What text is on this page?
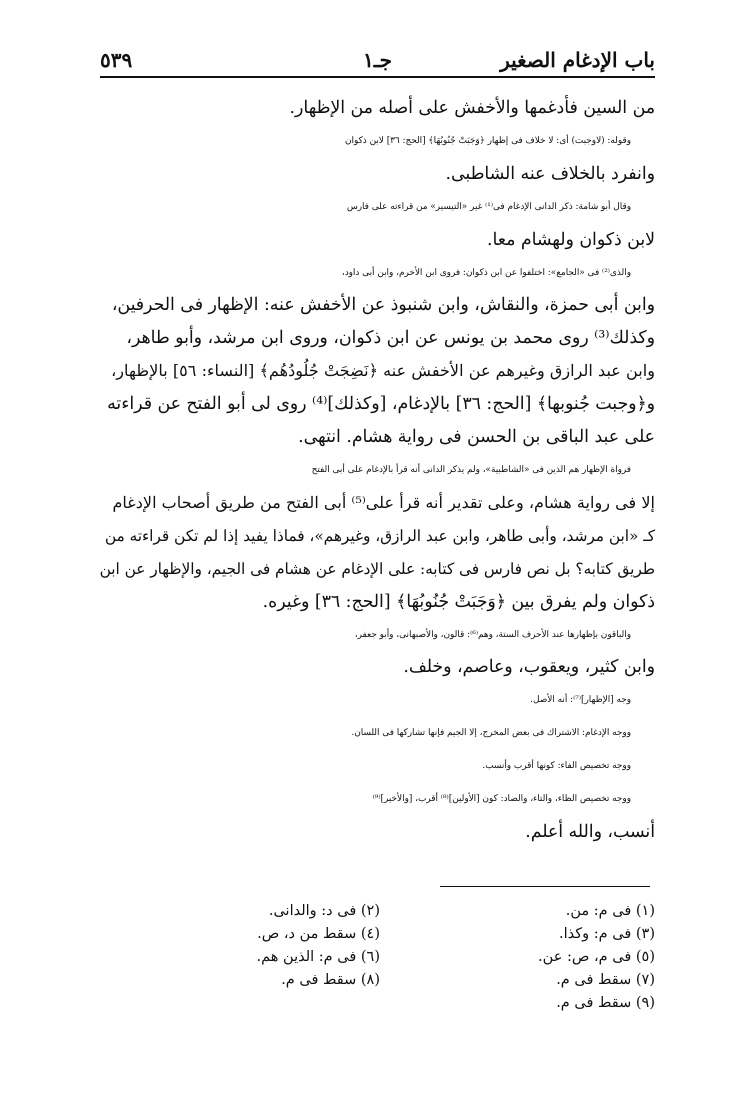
باب الإدغام الصغير
جـ١
٥٣٩
من السين فأدغمها والأخفش على أصله من الإظهار.
وقوله: (لاوجبت) أى: لا خلاف فى إظهار ﴿وَجَبَتْ جُنُوبُهَا﴾ [الحج: ٣٦] لابن ذكوان
وانفرد بالخلاف عنه الشاطبى.
وقال أبو شامة: ذكر الدانى الإدغام فى⁽¹⁾ غير «التيسير» من قراءته على فارس
لابن ذكوان ولهشام معا.
والذى⁽²⁾ فى «الجامع»: اختلفوا عن ابن ذكوان: فروى ابن الأخرم، وابن أبى داود،
وابن أبى حمزة، والنقاش، وابن شنبوذ عن الأخفش عنه: الإظهار فى الحرفين،
وكذلك⁽³⁾ روى محمد بن يونس عن ابن ذكوان، وروى ابن مرشد، وأبو طاهر،
وابن عبد الرازق وغيرهم عن الأخفش عنه ﴿نَضِجَتْ جُلُودُهُم﴾ [النساء: ٥٦] بالإظهار،
و﴿وجبت جُنوبها﴾ [الحج: ٣٦] بالإدغام، [وكذلك]⁽⁴⁾ روى لى أبو الفتح عن قراءته
على عبد الباقى بن الحسن فى رواية هشام. انتهى.
فرواة الإظهار هم الذين فى «الشاطبية»، ولم يذكر الدانى أنه قرأ بالإدغام على أبى الفتح
إلا فى رواية هشام، وعلى تقدير أنه قرأ على⁽⁵⁾ أبى الفتح من طريق أصحاب الإدغام
كـ «ابن مرشد، وأبى طاهر، وابن عبد الرازق، وغيرهم»، فماذا يفيد إذا لم تكن قراءته من
طريق كتابه؟ بل نص فارس فى كتابه: على الإدغام عن هشام فى الجيم، والإظهار عن ابن
ذكوان ولم يفرق بين ﴿وَجَبَتْ جُنُوبُهَا﴾ [الحج: ٣٦] وغيره.
والباقون بإظهارها عند الأحرف الستة، وهم⁽⁶⁾: قالون، والأصبهانى، وأبو جعفر،
وابن كثير، ويعقوب، وعاصم، وخلف.
وجه [الإظهار]⁽⁷⁾: أنه الأصل.
ووجه الإدغام: الاشتراك فى بعض المخرج، إلا الجيم فإنها تشاركها فى اللسان.
ووجه تخصيص الفاء: كونها أقرب وأنسب.
ووجه تخصيص الظاء، والتاء، والصاد: كون [الأولين]⁽⁸⁾ أقرب، [والأخير]⁽⁹⁾
أنسب، والله أعلم.
(١) فى م: من.
(٣) فى م: وكذا.
(٥) فى م، ص: عن.
(٧) سقط فى م.
(٩) سقط فى م.
(٢) فى د: والدانى.
(٤) سقط من د، ص.
(٦) فى م: الذين هم.
(٨) سقط فى م.
